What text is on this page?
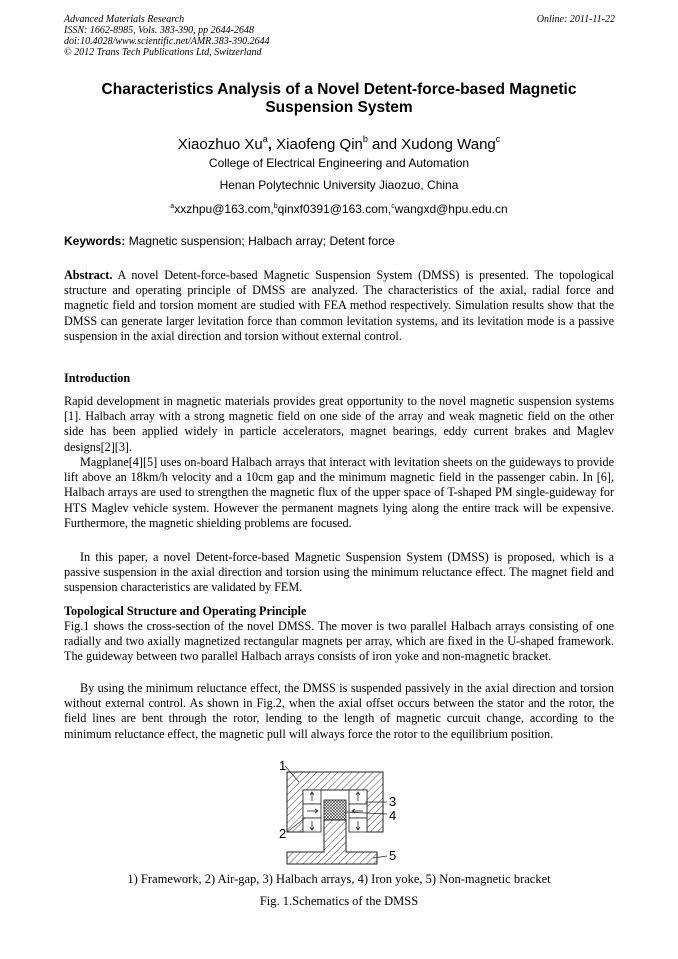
Advanced Materials Research
ISSN: 1662-8985, Vols. 383-390, pp 2644-2648
doi:10.4028/www.scientific.net/AMR.383-390.2644
© 2012 Trans Tech Publications Ltd, Switzerland
Online: 2011-11-22
Characteristics Analysis of a Novel Detent-force-based Magnetic
Suspension System
Xiaozhuo Xu$^a$, Xiaofeng Qin$^b$ and Xudong Wang$^c$
College of Electrical Engineering and Automation
Henan Polytechnic University Jiaozuo, China
$^a$xxzhpu@163.com,$^b$qinxf0391@163.com,$^c$wangxd@hpu.edu.cn
Keywords: Magnetic suspension; Halbach array; Detent force
Abstract. A novel Detent-force-based Magnetic Suspension System (DMSS) is presented. The topological structure and operating principle of DMSS are analyzed. The characteristics of the axial, radial force and magnetic field and torsion moment are studied with FEA method respectively. Simulation results show that the DMSS can generate larger levitation force than common levitation systems, and its levitation mode is a passive suspension in the axial direction and torsion without external control.
Introduction
Rapid development in magnetic materials provides great opportunity to the novel magnetic suspension systems [1]. Halbach array with a strong magnetic field on one side of the array and weak magnetic field on the other side has been applied widely in particle accelerators, magnet bearings, eddy current brakes and Maglev designs[2][3].
Magplane[4][5] uses on-board Halbach arrays that interact with levitation sheets on the guideways to provide lift above an 18km/h velocity and a 10cm gap and the minimum magnetic field in the passenger cabin. In [6], Halbach arrays are used to strengthen the magnetic flux of the upper space of T-shaped PM single-guideway for HTS Maglev vehicle system. However the permanent magnets lying along the entire track will be expensive. Furthermore, the magnetic shielding problems are focused.
In this paper, a novel Detent-force-based Magnetic Suspension System (DMSS) is proposed, which is a passive suspension in the axial direction and torsion using the minimum reluctance effect. The magnet field and suspension characteristics are validated by FEM.
Topological Structure and Operating Principle
Fig.1 shows the cross-section of the novel DMSS. The mover is two parallel Halbach arrays consisting of one radially and two axially magnetized rectangular magnets per array, which are fixed in the U-shaped framework. The guideway between two parallel Halbach arrays consists of iron yoke and non-magnetic bracket.
By using the minimum reluctance effect, the DMSS is suspended passively in the axial direction and torsion without external control. As shown in Fig.2, when the axial offset occurs between the stator and the rotor, the field lines are bent through the rotor, lending to the length of magnetic curcuit change, according to the minimum reluctance effect, the magnetic pull will always force the rotor to the equilibrium position.
1
2
3
4
5
1) Framework, 2) Air-gap, 3) Halbach arrays, 4) Iron yoke, 5) Non-magnetic bracket
Fig. 1.Schematics of the DMSS
